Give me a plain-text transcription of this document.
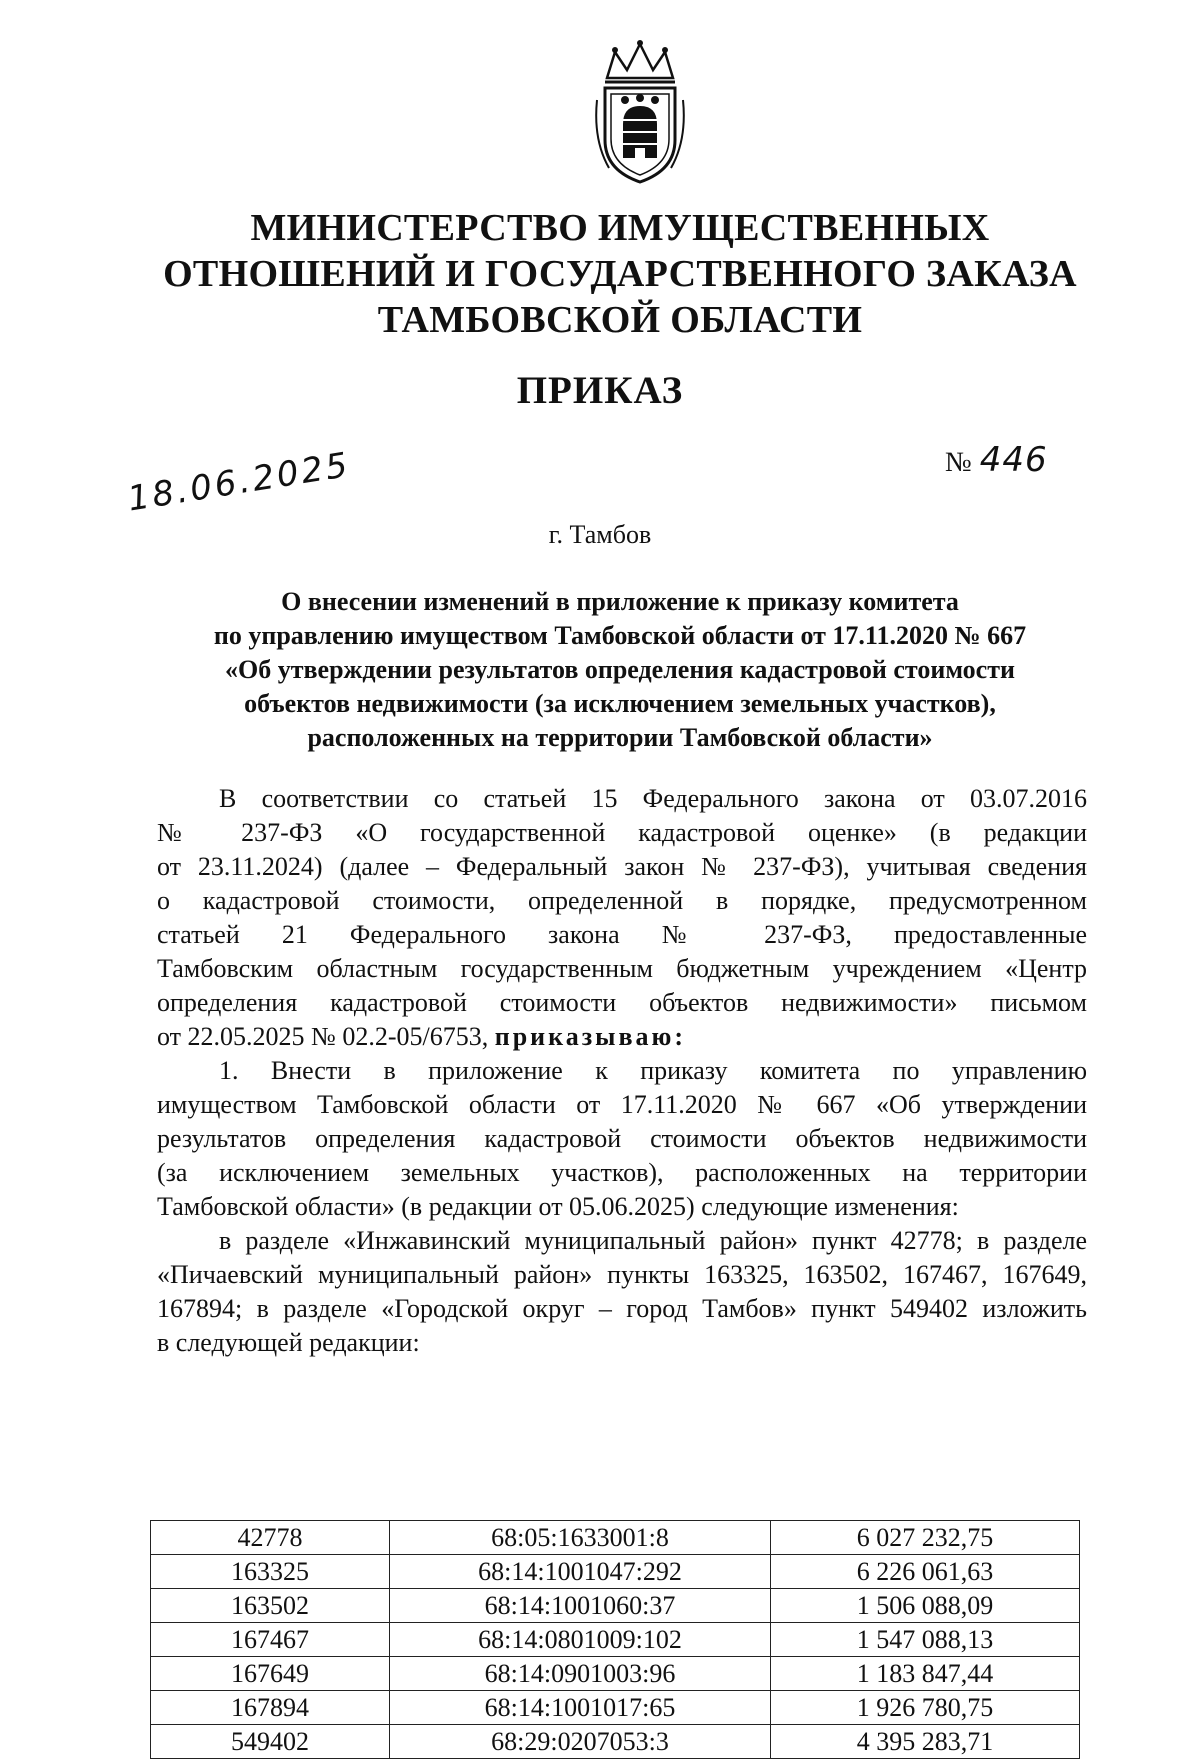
МИНИСТЕРСТВО ИМУЩЕСТВЕННЫХ
ОТНОШЕНИЙ И ГОСУДАРСТВЕННОГО ЗАКАЗА
ТАМБОВСКОЙ ОБЛАСТИ
ПРИКАЗ
№ 446
18.06.2025
г. Тамбов
О внесении изменений в приложение к приказу комитета
по управлению имуществом Тамбовской области от 17.11.2020 № 667
«Об утверждении результатов определения кадастровой стоимости
объектов недвижимости (за исключением земельных участков),
расположенных на территории Тамбовской области»
В соответствии со статьей 15 Федерального закона от 03.07.2016
№ 237-ФЗ «О государственной кадастровой оценке» (в редакции
от 23.11.2024) (далее – Федеральный закон № 237-ФЗ), учитывая сведения
о кадастровой стоимости, определенной в порядке, предусмотренном
статьей 21 Федерального закона № 237-ФЗ, предоставленные
Тамбовским областным государственным бюджетным учреждением «Центр
определения кадастровой стоимости объектов недвижимости» письмом
от 22.05.2025 № 02.2-05/6753, приказываю:
1. Внести в приложение к приказу комитета по управлению
имуществом Тамбовской области от 17.11.2020 № 667 «Об утверждении
результатов определения кадастровой стоимости объектов недвижимости
(за исключением земельных участков), расположенных на территории
Тамбовской области» (в редакции от 05.06.2025) следующие изменения:
в разделе «Инжавинский муниципальный район» пункт 42778; в разделе
«Пичаевский муниципальный район» пункты 163325, 163502, 167467, 167649,
167894; в разделе «Городской округ – город Тамбов» пункт 549402 изложить
в следующей редакции:
42778	68:05:1633001:8	6 027 232,75
163325	68:14:1001047:292	6 226 061,63
163502	68:14:1001060:37	1 506 088,09
167467	68:14:0801009:102	1 547 088,13
167649	68:14:0901003:96	1 183 847,44
167894	68:14:1001017:65	1 926 780,75
549402	68:29:0207053:3	4 395 283,71
